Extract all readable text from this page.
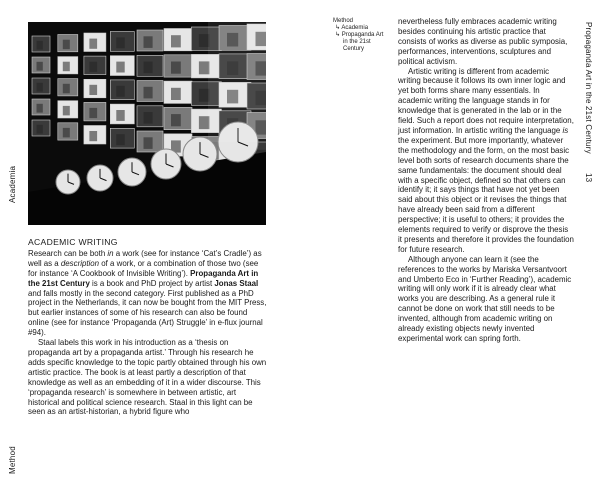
Academia
Method
ACADEMIC WRITING

Research can be both in a work (see for instance ‘Cat’s Cradle’) as well as a description of a work, or a combination of those two (see for instance ‘A Cookbook of Invisible Writing’). Propaganda Art in the 21st Century is a book and PhD project by artist Jonas Staal and falls mostly in the second category. First published as a PhD project in the Netherlands, it can now be bought from the MIT Press, but earlier instances of some of his research can also be found online (see for instance ‘Propaganda (Art) Struggle’ in e-flux journal #94).

Staal labels this work in his introduction as a ‘thesis on propaganda art by a propaganda artist.’ Through his research he adds specific knowledge to the topic partly obtained through his own artistic practice. The book is at least partly a description of that knowledge as well as an embedding of it in a wider discourse. This ‘propaganda research’ is somewhere in between artistic, art historical and political science research. Staal in this light can be seen as an artist-historian, a hybrid figure who

Method
↳ Academia
↳ Propaganda Art
in the 21st
Century

nevertheless fully embraces academic writing besides continuing his artistic practice that consists of works as diverse as public symposia, performances, interventions, sculptures and political activism.

Artistic writing is different from academic writing because it follows its own inner logic and yet both forms share many essentials. In academic writing the language stands in for knowledge that is generated in the lab or in the field. Such a report does not require interpretation, just information. In artistic writing the language is the experiment. But more importantly, whatever the methodology and the form, on the most basic level both sorts of research documents share the same fundamentals: the document should deal with a specific object, defined so that others can identify it; it says things that have not yet been said about this object or it revises the things that have already been said from a different perspective; it is useful to others; it provides the elements required to verify or disprove the thesis it presents and therefore it provides the foundation for future research.

Although anyone can learn it (see the references to the works by Mariska Versantvoort and Umberto Eco in ‘Further Reading’), academic writing will only work if it is already clear what works you are describing. As a general rule it cannot be done on work that still needs to be invented, although from academic writing on already existing objects newly invented experimental work can spring forth.

13
Propaganda Art in the 21st Century
